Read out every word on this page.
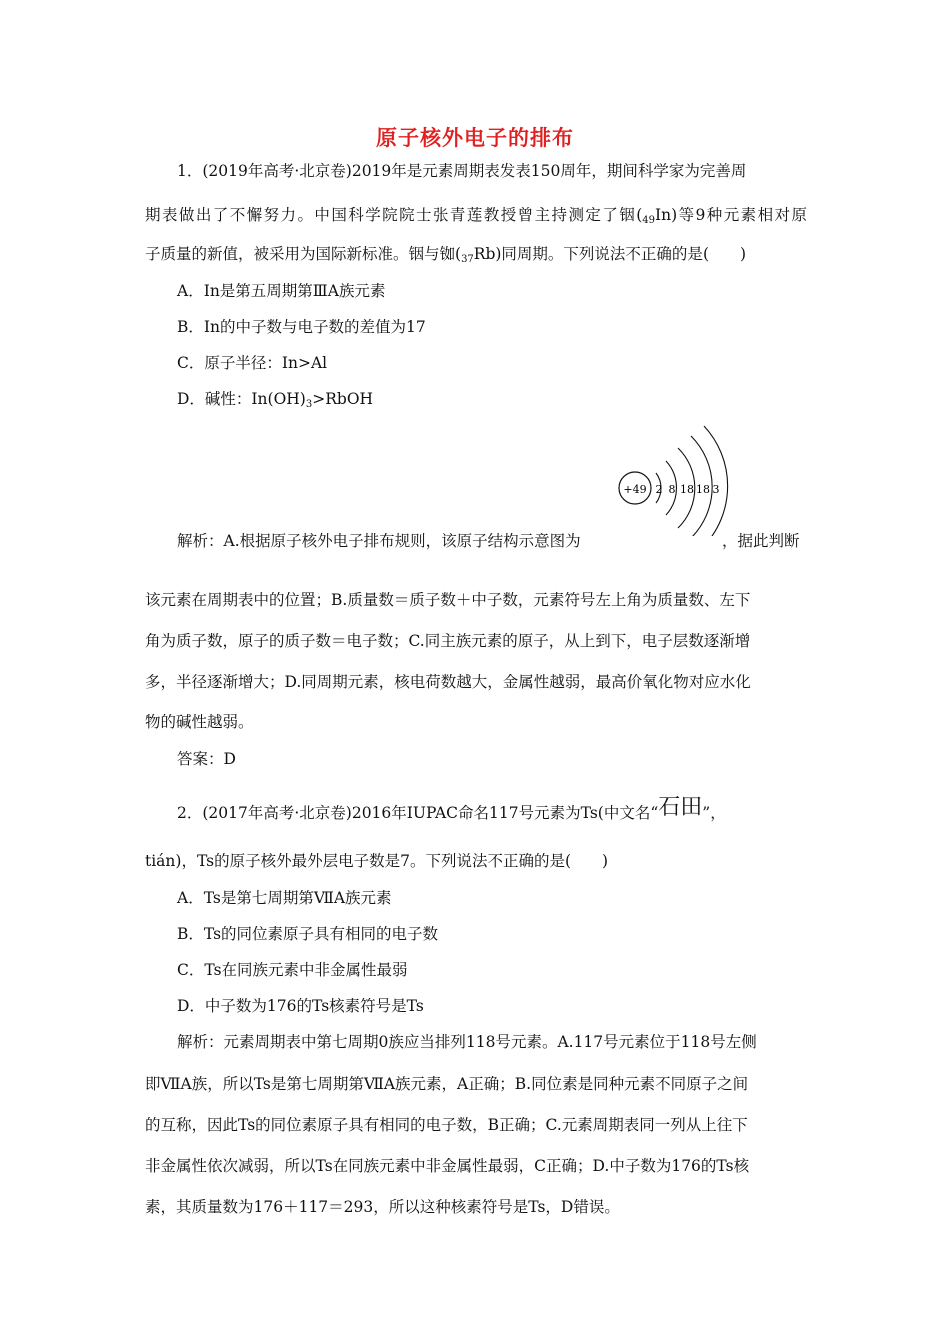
原子核外电子的排布
1．(2019年高考·北京卷)2019年是元素周期表发表150周年，期间科学家为完善周
期表做出了不懈努力。中国科学院院士张青莲教授曾主持测定了铟$(_{49}In)$等9种元素相对原
子质量的新值，被采用为国际新标准。铟与铷$(_{37}Rb)$同周期。下列说法不正确的是(　　)
A．In是第五周期第ⅢA族元素
B．In的中子数与电子数的差值为17
C．原子半径：In>Al
D．碱性：$In(OH)_3>RbOH$
+49 2 8 18 18 3
解析：A.根据原子核外电子排布规则，该原子结构示意图为	，据此判断
该元素在周期表中的位置；B.质量数＝质子数＋中子数，元素符号左上角为质量数、左下
角为质子数，原子的质子数＝电子数；C.同主族元素的原子，从上到下，电子层数逐渐增
多，半径逐渐增大；D.同周期元素，核电荷数越大，金属性越弱，最高价氧化物对应水化
物的碱性越弱。
答案：D
2．(2017年高考·北京卷)2016年IUPAC命名117号元素为Ts(中文名“石田”，
tián)，Ts的原子核外最外层电子数是7。下列说法不正确的是(　　)
A．Ts是第七周期第ⅦA族元素
B．Ts的同位素原子具有相同的电子数
C．Ts在同族元素中非金属性最弱
D．中子数为176的Ts核素符号是Ts
解析：元素周期表中第七周期0族应当排列118号元素。A.117号元素位于118号左侧
即ⅦA族，所以Ts是第七周期第ⅦA族元素，A正确；B.同位素是同种元素不同原子之间
的互称，因此Ts的同位素原子具有相同的电子数，B正确；C.元素周期表同一列从上往下
非金属性依次减弱，所以Ts在同族元素中非金属性最弱，C正确；D.中子数为176的Ts核
素，其质量数为176＋117＝293，所以这种核素符号是Ts，D错误。
